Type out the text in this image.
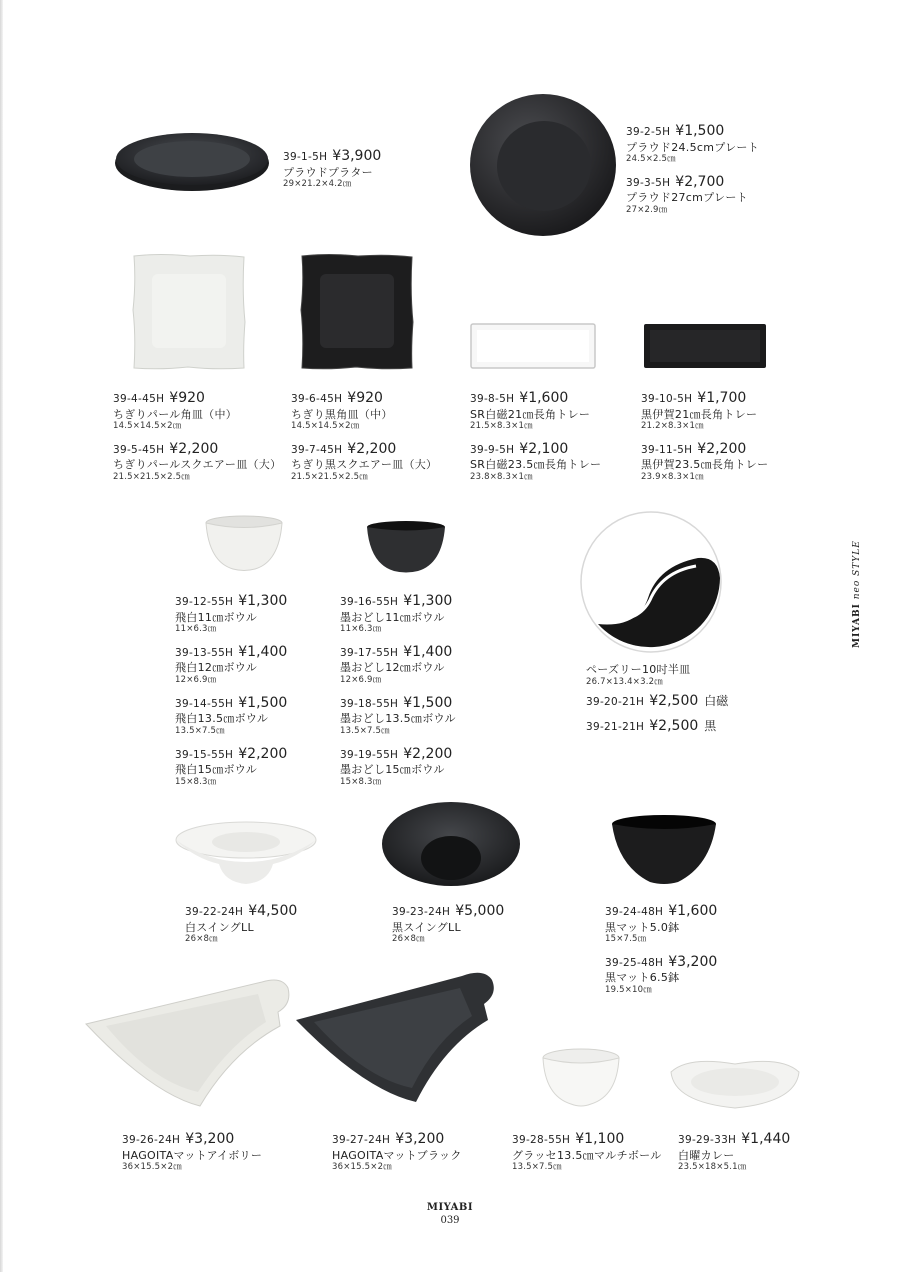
39-1-5H ¥3,900
プラウドプラター
29×21.2×4.2㎝
39-2-5H ¥1,500
プラウド24.5cmプレート
24.5×2.5㎝
39-3-5H ¥2,700
プラウド27cmプレート
27×2.9㎝
39-4-45H ¥920
ちぎりパール角皿（中）
14.5×14.5×2㎝
39-5-45H ¥2,200
ちぎりパールスクエアー皿（大）
21.5×21.5×2.5㎝
39-6-45H ¥920
ちぎり黒角皿（中）
14.5×14.5×2㎝
39-7-45H ¥2,200
ちぎり黒スクエアー皿（大）
21.5×21.5×2.5㎝
39-8-5H ¥1,600
SR白磁21㎝長角トレー
21.5×8.3×1㎝
39-9-5H ¥2,100
SR白磁23.5㎝長角トレー
23.8×8.3×1㎝
39-10-5H ¥1,700
黒伊賀21㎝長角トレー
21.2×8.3×1㎝
39-11-5H ¥2,200
黒伊賀23.5㎝長角トレー
23.9×8.3×1㎝
39-12-55H ¥1,300
飛白11㎝ボウル
11×6.3㎝
39-13-55H ¥1,400
飛白12㎝ボウル
12×6.9㎝
39-14-55H ¥1,500
飛白13.5㎝ボウル
13.5×7.5㎝
39-15-55H ¥2,200
飛白15㎝ボウル
15×8.3㎝
39-16-55H ¥1,300
墨おどし11㎝ボウル
11×6.3㎝
39-17-55H ¥1,400
墨おどし12㎝ボウル
12×6.9㎝
39-18-55H ¥1,500
墨おどし13.5㎝ボウル
13.5×7.5㎝
39-19-55H ¥2,200
墨おどし15㎝ボウル
15×8.3㎝
ペーズリー10吋半皿
26.7×13.4×3.2㎝
39-20-21H ¥2,500 白磁
39-21-21H ¥2,500 黒
39-22-24H ¥4,500
白スイングLL
26×8㎝
39-23-24H ¥5,000
黒スイングLL
26×8㎝
39-24-48H ¥1,600
黒マット5.0鉢
15×7.5㎝
39-25-48H ¥3,200
黒マット6.5鉢
19.5×10㎝
39-26-24H ¥3,200
HAGOITAマットアイボリー
36×15.5×2㎝
39-27-24H ¥3,200
HAGOITAマットブラック
36×15.5×2㎝
39-28-55H ¥1,100
グラッセ13.5㎝マルチボール
13.5×7.5㎝
39-29-33H ¥1,440
白曜カレー
23.5×18×5.1㎝
MIYABI neo STYLE
MIYABI
039
